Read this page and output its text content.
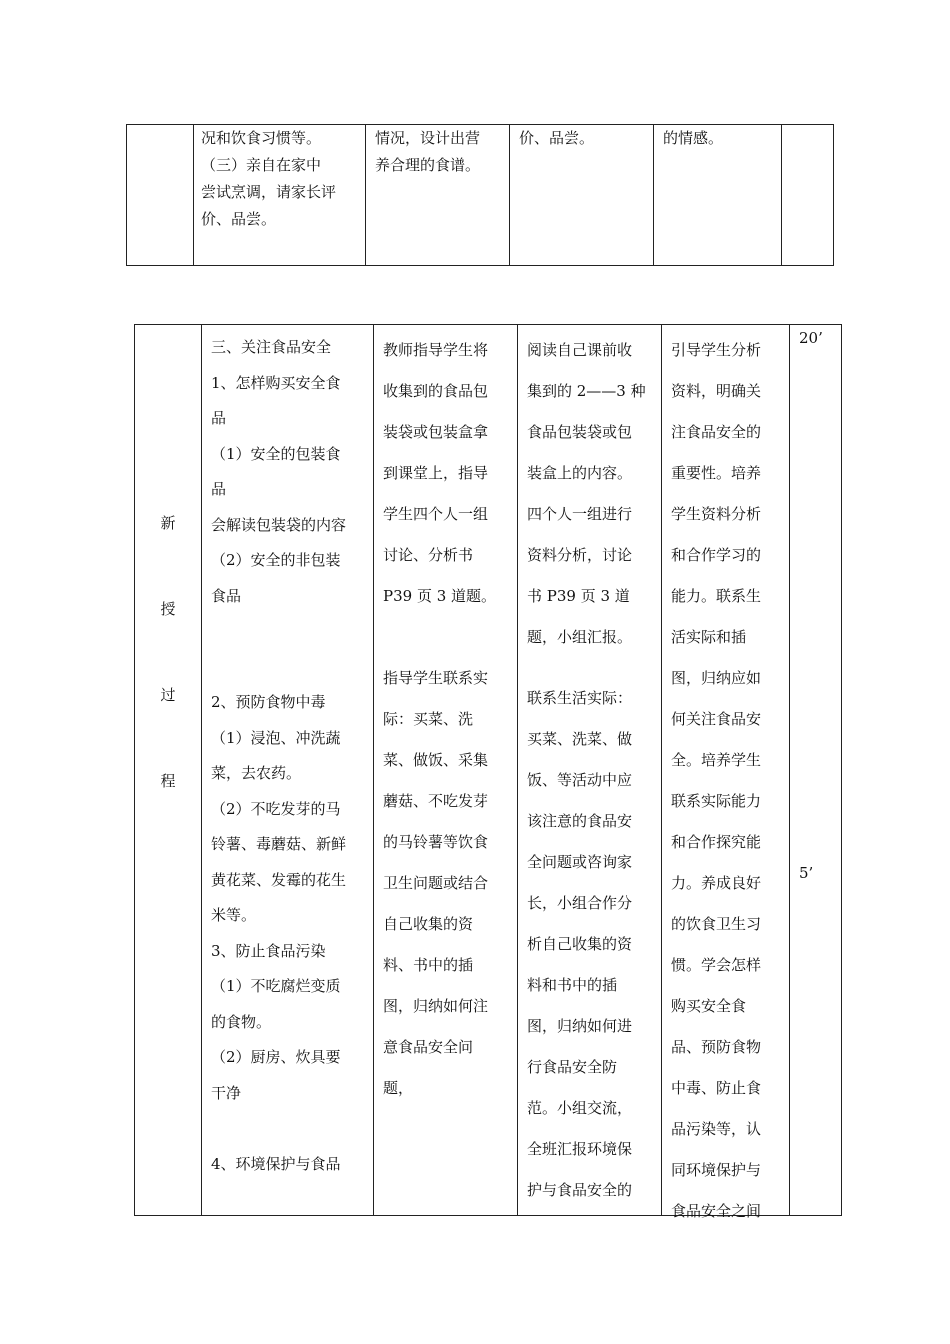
况和饮食习惯等。
（三）亲自在家中
尝试烹调，请家长评
价、品尝。
情况，设计出营
养合理的食谱。
价、品尝。	的情感。
新
授
过
程
三、关注食品安全
1、怎样购买安全食
品
（1）安全的包装食
品
会解读包装袋的内容
（2）安全的非包装
食品

2、预防食物中毒
（1）浸泡、冲洗蔬
菜，去农药。
（2）不吃发芽的马
铃薯、毒蘑菇、新鲜
黄花菜、发霉的花生
米等。
3、防止食品污染
（1）不吃腐烂变质
的食物。
（2）厨房、炊具要
干净

4、环境保护与食品
教师指导学生将
收集到的食品包
装袋或包装盒拿
到课堂上，指导
学生四个人一组
讨论、分析书
P39 页 3 道题。

指导学生联系实
际：买菜、洗
菜、做饭、采集
蘑菇、不吃发芽
的马铃薯等饮食
卫生问题或结合
自己收集的资
料、书中的插
图，归纳如何注
意食品安全问
题，
阅读自己课前收
集到的 2——3 种
食品包装袋或包
装盒上的内容。
四个人一组进行
资料分析，讨论
书 P39 页 3 道
题，小组汇报。
联系生活实际：
买菜、洗菜、做
饭、等活动中应
该注意的食品安
全问题或咨询家
长，小组合作分
析自己收集的资
料和书中的插
图，归纳如何进
行食品安全防
范。小组交流，
全班汇报环境保
护与食品安全的
引导学生分析
资料，明确关
注食品安全的
重要性。培养
学生资料分析
和合作学习的
能力。联系生
活实际和插
图，归纳应如
何关注食品安
全。培养学生
联系实际能力
和合作探究能
力。养成良好
的饮食卫生习
惯。学会怎样
购买安全食
品、预防食物
中毒、防止食
品污染等，认
同环境保护与
食品安全之间
20’
5’
